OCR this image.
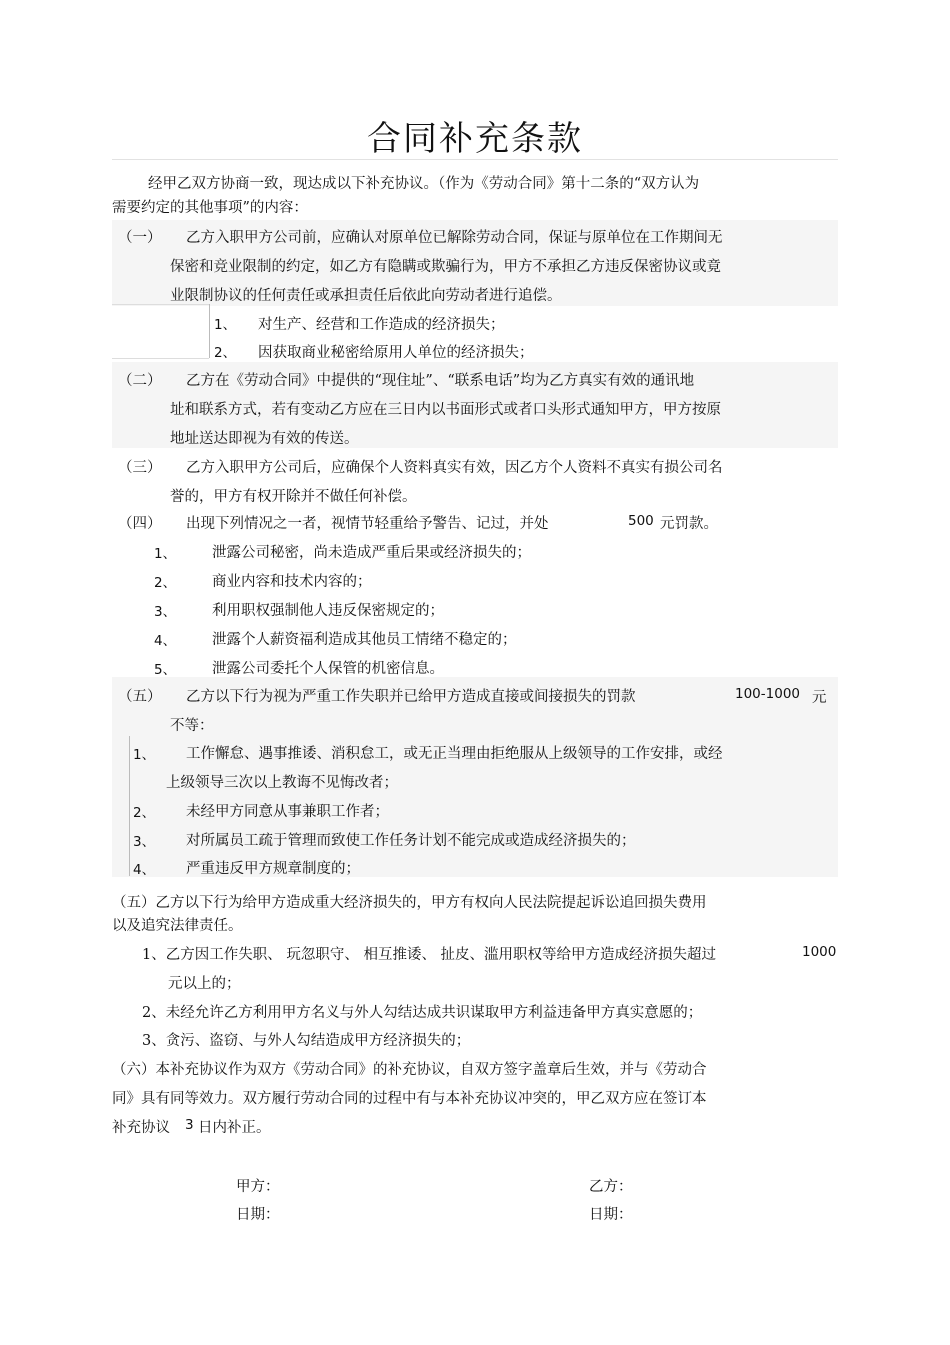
合同补充条款
经甲乙双方协商一致，现达成以下补充协议。（作为《劳动合同》第十二条的“双方认为
需要约定的其他事项”的内容：
（一） 乙方入职甲方公司前，应确认对原单位已解除劳动合同，保证与原单位在工作期间无
保密和竞业限制的约定，如乙方有隐瞒或欺骗行为，甲方不承担乙方违反保密协议或竟
业限制协议的任何责任或承担责任后依此向劳动者进行追偿。
1、 对生产、经营和工作造成的经济损失；
2、 因获取商业秘密给原用人单位的经济损失；
（二） 乙方在《劳动合同》中提供的“现住址”、“联系电话”均为乙方真实有效的通讯地
址和联系方式，若有变动乙方应在三日内以书面形式或者口头形式通知甲方，甲方按原
地址送达即视为有效的传送。
（三） 乙方入职甲方公司后，应确保个人资料真实有效，因乙方个人资料不真实有损公司名
誉的，甲方有权开除并不做任何补偿。
（四） 出现下列情况之一者，视情节轻重给予警告、记过，并处	500 元罚款。
1、 泄露公司秘密，尚未造成严重后果或经济损失的；
2、 商业内容和技术内容的；
3、 利用职权强制他人违反保密规定的；
4、 泄露个人薪资福利造成其他员工情绪不稳定的；
5、 泄露公司委托个人保管的机密信息。
（五） 乙方以下行为视为严重工作失职并已给甲方造成直接或间接损失的罚款	100-1000 元
不等：
1、 工作懈怠、遇事推诿、消积怠工，或无正当理由拒绝服从上级领导的工作安排，或经
上级领导三次以上教诲不见悔改者；
2、 未经甲方同意从事兼职工作者；
3、 对所属员工疏于管理而致使工作任务计划不能完成或造成经济损失的；
4、 严重违反甲方规章制度的；
（五）乙方以下行为给甲方造成重大经济损失的，甲方有权向人民法院提起诉讼追回损失费用
以及追究法律责任。
1、乙方因工作失职、 玩忽职守、 相互推诿、 扯皮、滥用职权等给甲方造成经济损失超过	1000
元以上的；
2、未经允许乙方利用甲方名义与外人勾结达成共识谋取甲方利益违备甲方真实意愿的；
3、贪污、盗窃、与外人勾结造成甲方经济损失的；
（六）本补充协议作为双方《劳动合同》的补充协议，自双方签字盖章后生效，并与《劳动合
同》具有同等效力。双方履行劳动合同的过程中有与本补充协议冲突的，甲乙双方应在签订本
补充协议 3 日内补正。
甲方：	乙方：
日期：	日期：
